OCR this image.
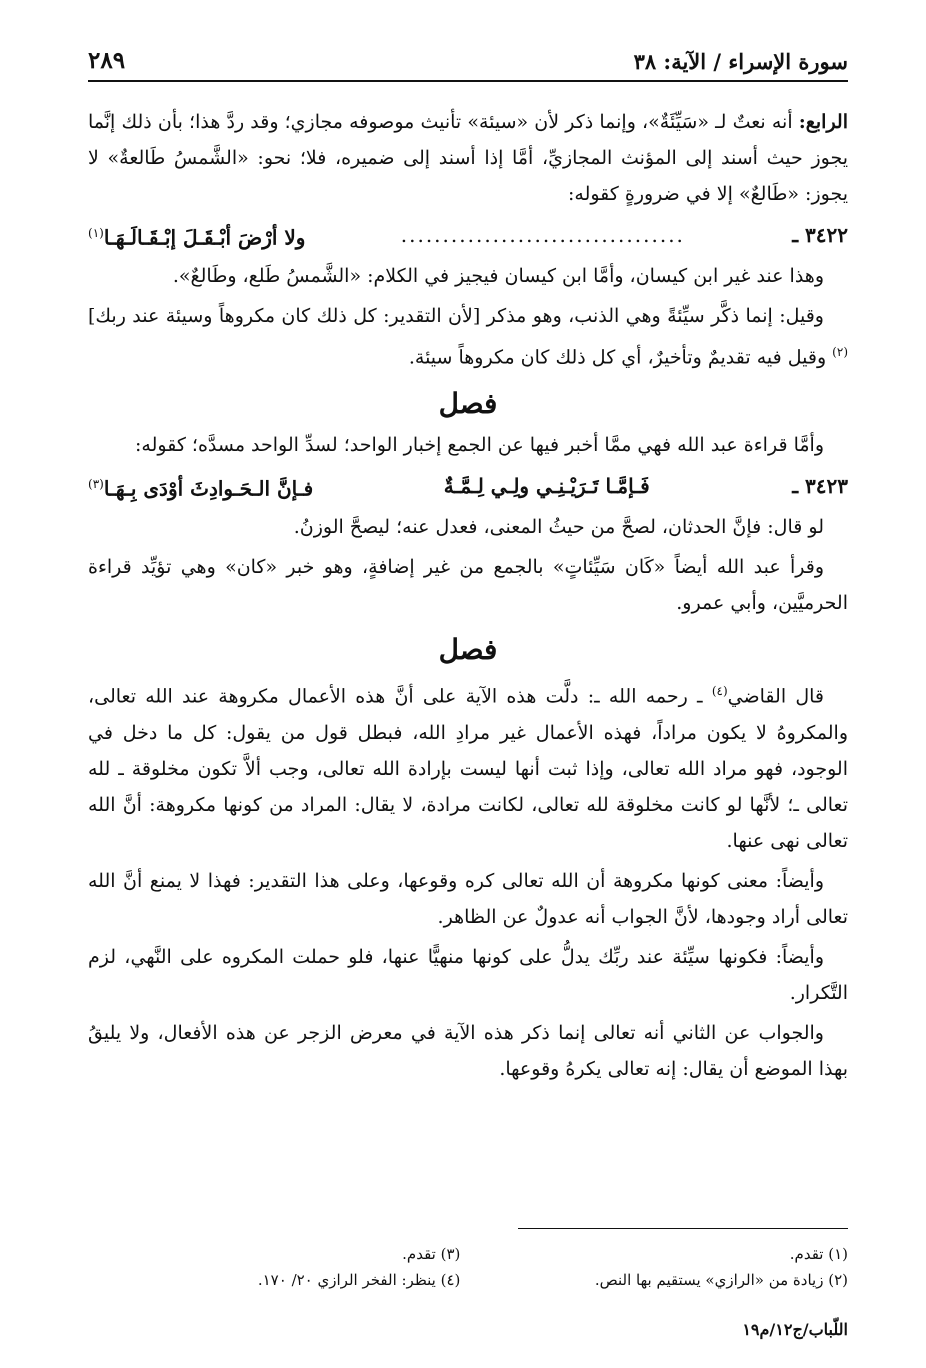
سورة الإسراء / الآية: ٣٨
٢٨٩

الرابع: أنه نعتٌ لـ «سَيِّئَةٌ»، وإنما ذكر لأن «سيئة» تأنيث موصوفه مجازي؛ وقد ردَّ هذا؛ بأن ذلك إنَّما يجوز حيث أسند إلى المؤنث المجازيِّ، أمَّا إذا أسند إلى ضميره، فلا؛ نحو: «الشَّمسُ طَالعةٌ» لا يجوز: «طَالعٌ» إلا في ضرورةٍ كقوله:

٣٤٢٢ ـ
..................................
ولا أرْضَ أبْـقَـلَ إبْـقَـالَـهَـا$^{(١)}$

وهذا عند غير ابن كيسان، وأمَّا ابن كيسان فيجيز في الكلام: «الشَّمسُ طَلع، وطَالعٌ».

وقيل: إنما ذكَّر سيِّئةً وهي الذنب، وهو مذكر [لأن التقدير: كل ذلك كان مكروهاً وسيئة عند ربك]$^{(٢)}$ وقيل فيه تقديمٌ وتأخيرٌ، أي كل ذلك كان مكروهاً سيئة.

فصل

وأمَّا قراءة عبد الله فهي ممَّا أخبر فيها عن الجمع إخبار الواحد؛ لسدِّ الواحد مسدَّه؛ كقوله:

٣٤٢٣ ـ
فَـإمَّـا تَـرَيْـنِـي ولِـي لِـمَّـةٌ
فـإنَّ الـحَـوادِثَ أوْدَى بِـهَـا$^{(٣)}$

لو قال: فإنَّ الحدثان، لصحَّ من حيثُ المعنى، فعدل عنه؛ ليصحَّ الوزنُ.

وقرأ عبد الله أيضاً «كَان سَيِّئاتٍ» بالجمع من غير إضافةٍ، وهو خبر «كان» وهي تؤيِّد قراءة الحرميَّين، وأبي عمرو.

فصل

قال القاضي$^{(٤)}$ ـ رحمه الله ـ: دلَّت هذه الآية على أنَّ هذه الأعمال مكروهة عند الله تعالى، والمكروهُ لا يكون مراداً، فهذه الأعمال غير مرادِ الله، فبطل قول من يقول: كل ما دخل في الوجود، فهو مراد الله تعالى، وإذا ثبت أنها ليست بإرادة الله تعالى، وجب ألاَّ تكون مخلوقة ـ لله تعالى ـ؛ لأنَّها لو كانت مخلوقة لله تعالى، لكانت مرادة، لا يقال: المراد من كونها مكروهة: أنَّ الله تعالى نهى عنها.

وأيضاً: معنى كونها مكروهة أن الله تعالى كره وقوعها، وعلى هذا التقدير: فهذا لا يمنع أنَّ الله تعالى أراد وجودها، لأنَّ الجواب أنه عدولٌ عن الظاهر.

وأيضاً: فكونها سيِّئة عند ربِّك يدلُّ على كونها منهيًّا عنها، فلو حملت المكروه على النَّهي، لزم التَّكرار.

والجواب عن الثاني أنه تعالى إنما ذكر هذه الآية في معرض الزجر عن هذه الأفعال، ولا يليقُ بهذا الموضع أن يقال: إنه تعالى يكرهُ وقوعها.

(١) تقدم.
(٢) زيادة من «الرازي» يستقيم بها النص.
(٣) تقدم.
(٤) ينظر: الفخر الرازي ٢٠/ ١٧٠.
اللّباب/ج١٢/م١٩
